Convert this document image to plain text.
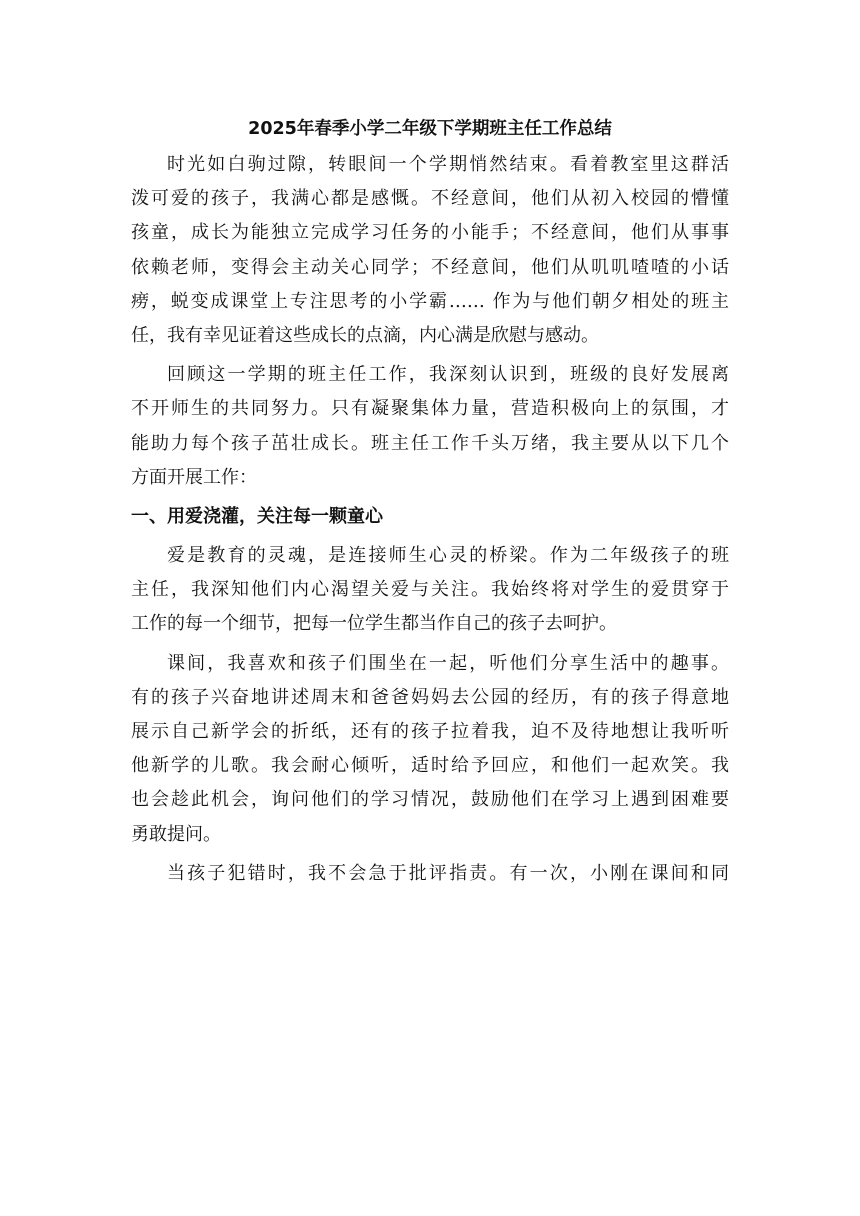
2025年春季小学二年级下学期班主任工作总结

时光如白驹过隙，转眼间一个学期悄然结束。看着教室里这群活
泼可爱的孩子，我满心都是感慨。不经意间，他们从初入校园的懵懂
孩童，成长为能独立完成学习任务的小能手；不经意间，他们从事事
依赖老师，变得会主动关心同学；不经意间，他们从叽叽喳喳的小话
痨，蜕变成课堂上专注思考的小学霸…… 作为与他们朝夕相处的班主
任，我有幸见证着这些成长的点滴，内心满是欣慰与感动。

回顾这一学期的班主任工作，我深刻认识到，班级的良好发展离
不开师生的共同努力。只有凝聚集体力量，营造积极向上的氛围，才
能助力每个孩子茁壮成长。班主任工作千头万绪，我主要从以下几个
方面开展工作：

一、用爱浇灌，关注每一颗童心

爱是教育的灵魂，是连接师生心灵的桥梁。作为二年级孩子的班
主任，我深知他们内心渴望关爱与关注。我始终将对学生的爱贯穿于
工作的每一个细节，把每一位学生都当作自己的孩子去呵护。

课间，我喜欢和孩子们围坐在一起，听他们分享生活中的趣事。
有的孩子兴奋地讲述周末和爸爸妈妈去公园的经历，有的孩子得意地
展示自己新学会的折纸，还有的孩子拉着我，迫不及待地想让我听听
他新学的儿歌。我会耐心倾听，适时给予回应，和他们一起欢笑。我
也会趁此机会，询问他们的学习情况，鼓励他们在学习上遇到困难要
勇敢提问。

当孩子犯错时，我不会急于批评指责。有一次，小刚在课间和同
